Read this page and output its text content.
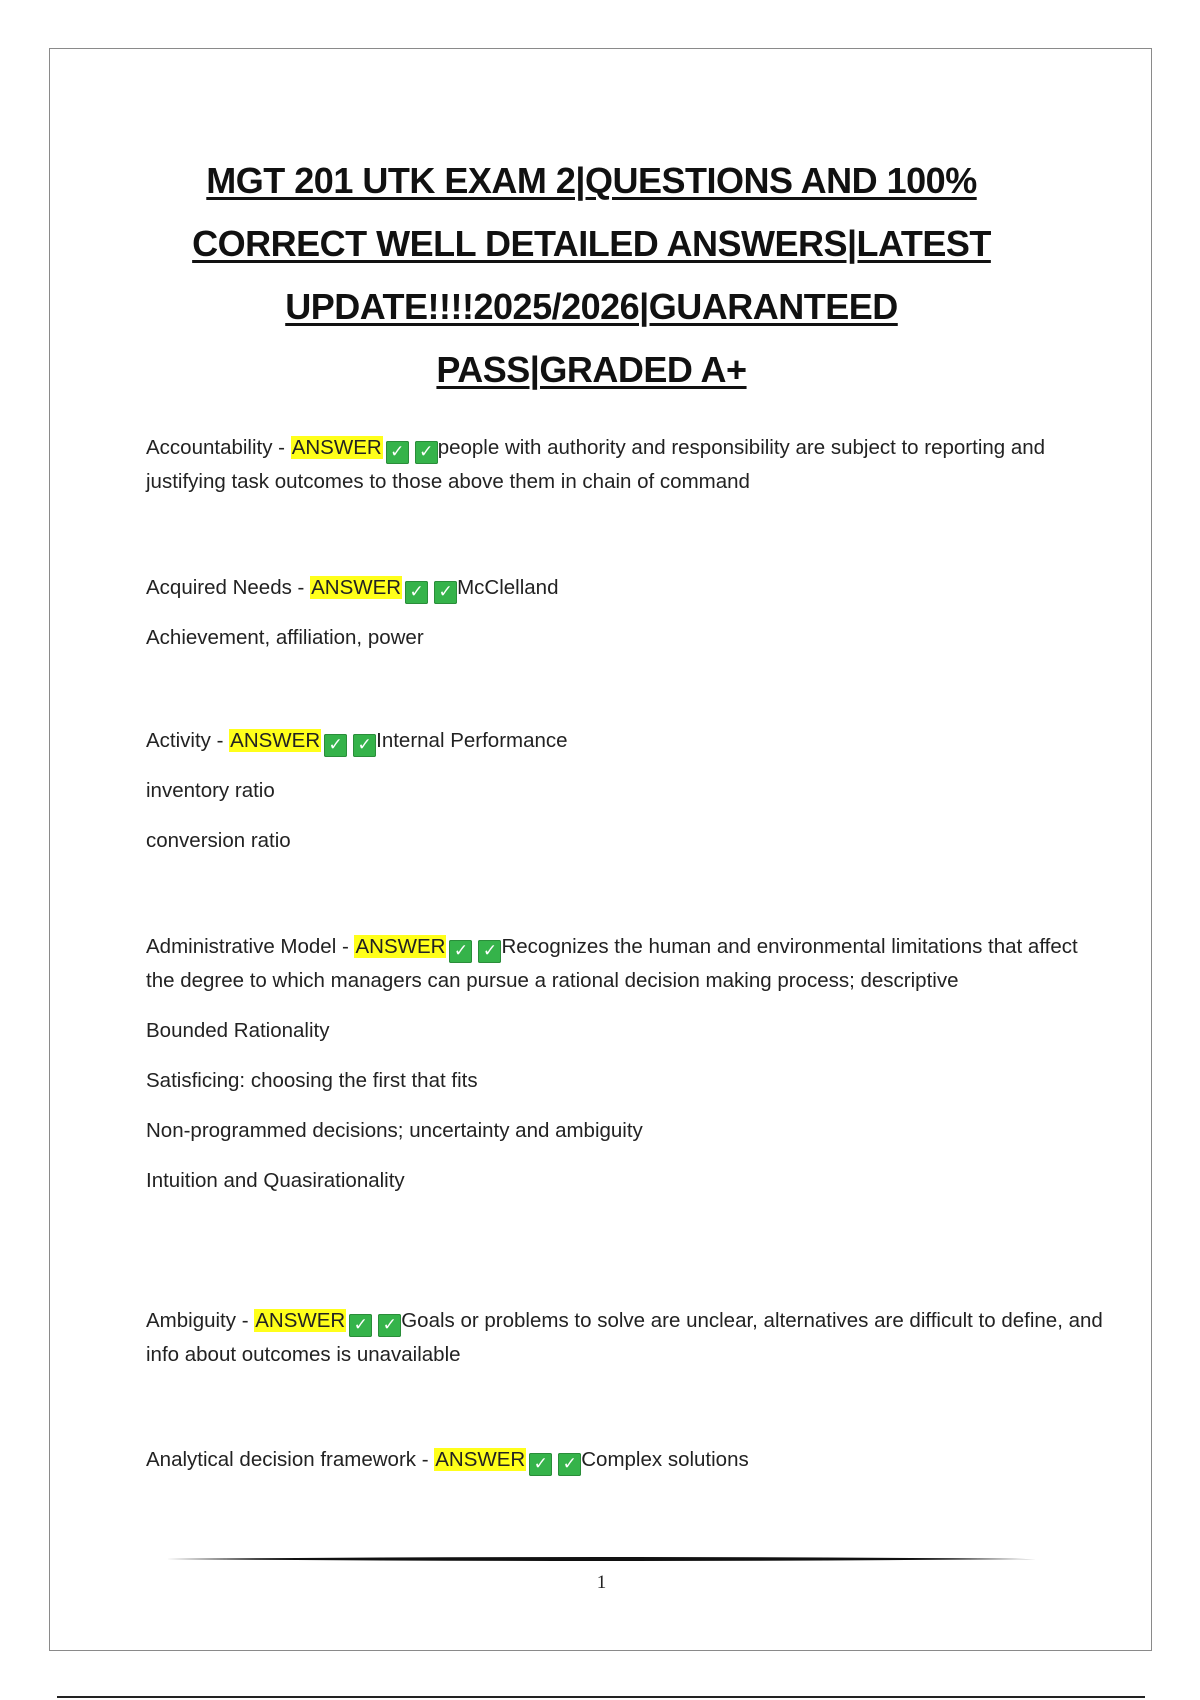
MGT 201 UTK EXAM 2|QUESTIONS AND 100%
CORRECT WELL DETAILED ANSWERS|LATEST
UPDATE!!!!2025/2026|GUARANTEED
PASS|GRADED A+

Accountability - ANSWER ✓ ✓ people with authority and responsibility are subject to reporting and justifying task outcomes to those above them in chain of command

Acquired Needs - ANSWER ✓ ✓ McClelland

Achievement, affiliation, power

Activity - ANSWER ✓ ✓ Internal Performance

inventory ratio

conversion ratio

Administrative Model - ANSWER ✓ ✓ Recognizes the human and environmental limitations that affect the degree to which managers can pursue a rational decision making process; descriptive

Bounded Rationality

Satisficing: choosing the first that fits

Non-programmed decisions; uncertainty and ambiguity

Intuition and Quasirationality

Ambiguity - ANSWER ✓ ✓ Goals or problems to solve are unclear, alternatives are difficult to define, and info about outcomes is unavailable

Analytical decision framework - ANSWER ✓ ✓ Complex solutions

1
